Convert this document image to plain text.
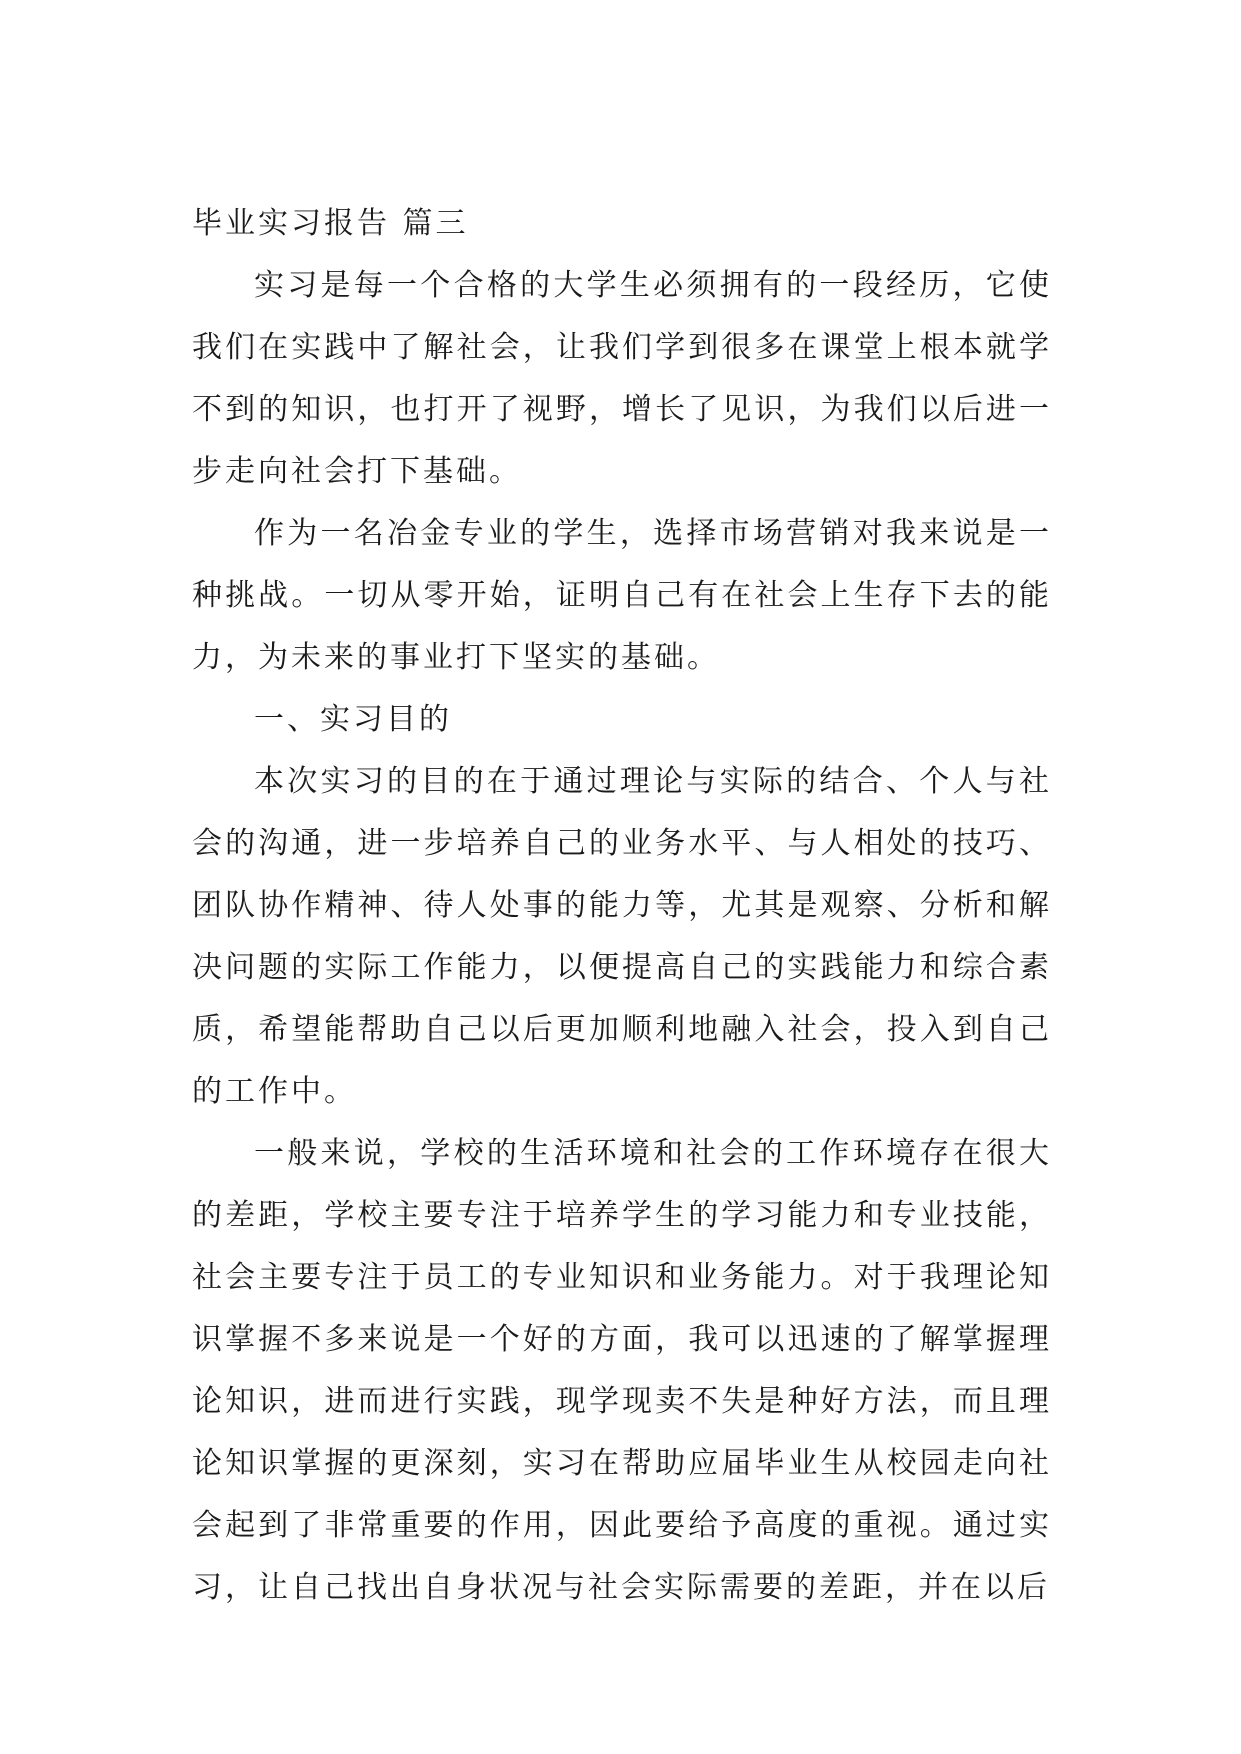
毕业实习报告 篇三

实习是每一个合格的大学生必须拥有的一段经历，它使我们在实践中了解社会，让我们学到很多在课堂上根本就学不到的知识，也打开了视野，增长了见识，为我们以后进一步走向社会打下基础。

作为一名冶金专业的学生，选择市场营销对我来说是一种挑战。一切从零开始，证明自己有在社会上生存下去的能力，为未来的事业打下坚实的基础。

一、实习目的

本次实习的目的在于通过理论与实际的结合、个人与社会的沟通，进一步培养自己的业务水平、与人相处的技巧、团队协作精神、待人处事的能力等，尤其是观察、分析和解决问题的实际工作能力，以便提高自己的实践能力和综合素质，希望能帮助自己以后更加顺利地融入社会，投入到自己的工作中。

一般来说，学校的生活环境和社会的工作环境存在很大的差距，学校主要专注于培养学生的学习能力和专业技能，社会主要专注于员工的专业知识和业务能力。对于我理论知识掌握不多来说是一个好的方面，我可以迅速的了解掌握理论知识，进而进行实践，现学现卖不失是种好方法，而且理论知识掌握的更深刻，实习在帮助应届毕业生从校园走向社会起到了非常重要的作用，因此要给予高度的重视。通过实习，让自己找出自身状况与社会实际需要的差距，并在以后
